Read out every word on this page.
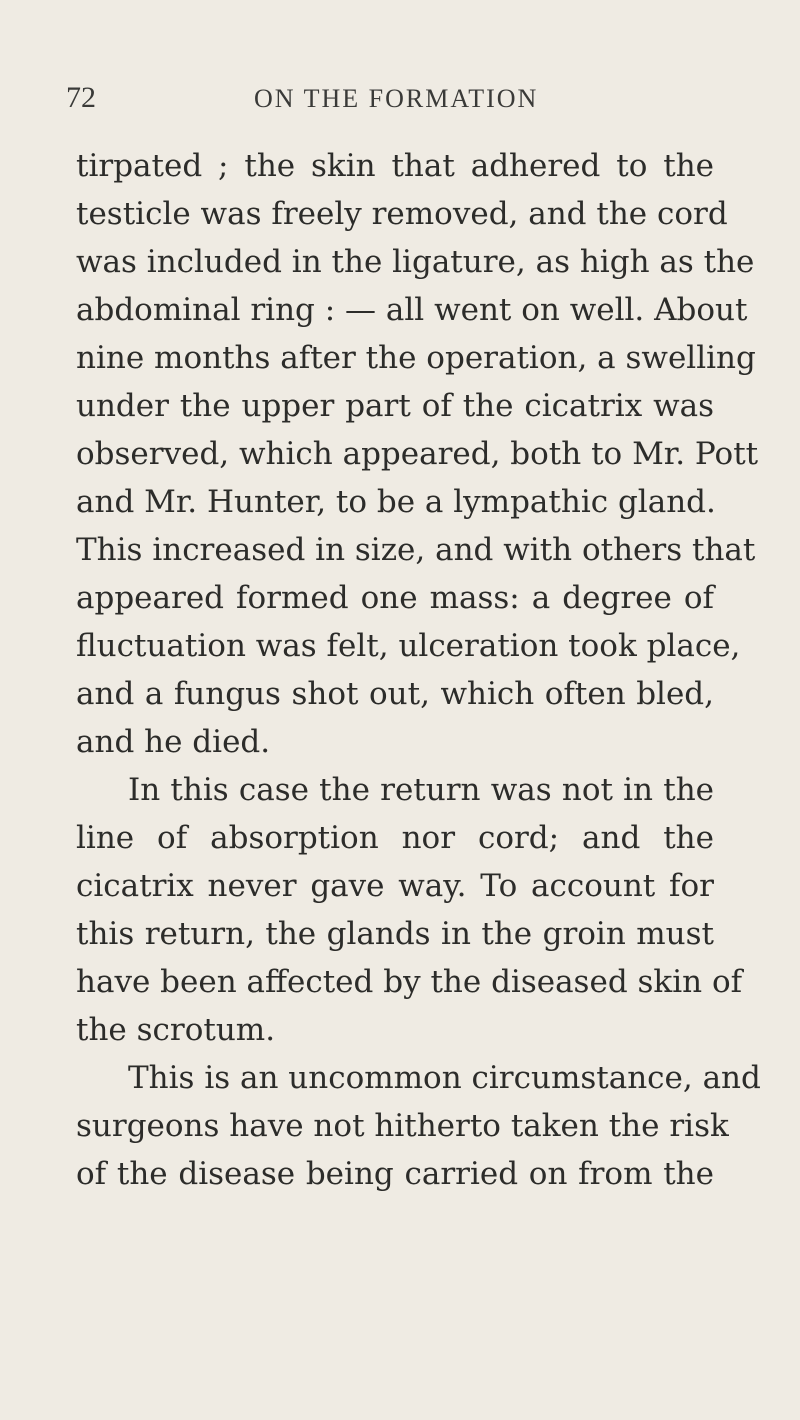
72	ON THE FORMATION
tirpated ; the skin that adhered to the
testicle was freely removed, and the cord
was included in the ligature, as high as the
abdominal ring : — all went on well. About
nine months after the operation, a swelling
under the upper part of the cicatrix was
observed, which appeared, both to Mr. Pott
and Mr. Hunter, to be a lympathic gland.
This increased in size, and with others that
appeared formed one mass: a degree of
fluctuation was felt, ulceration took place,
and a fungus shot out, which often bled,
and he died.
In this case the return was not in the
line of absorption nor cord; and the
cicatrix never gave way. To account for
this return, the glands in the groin must
have been affected by the diseased skin of
the scrotum.
This is an uncommon circumstance, and
surgeons have not hitherto taken the risk
of the disease being carried on from the
